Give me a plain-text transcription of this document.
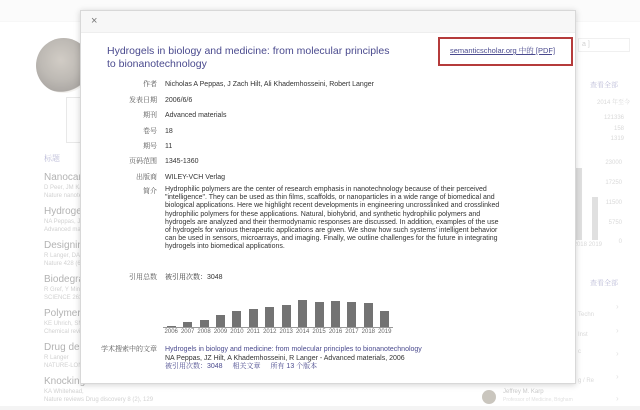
×
Hydrogels in biology and medicine: from molecular principles to bionanotechnology
semanticscholar.org 中的 [PDF]
作者 Nicholas A Peppas, J Zach Hilt, Ali Khademhosseini, Robert Langer
发表日期 2006/6/6
期刊 Advanced materials
卷号 18
期号 11
页码范围 1345-1360
出版商 WILEY-VCH Verlag
简介 Hydrophilic polymers are the center of research emphasis in nanotechnology because of their perceived "intelligence". They can be used as thin films, scaffolds, or nanoparticles in a wide range of biomedical and biological applications. Here we highlight recent developments in engineering uncrosslinked and crosslinked hydrophilic polymers for these applications. Natural, biohybrid, and synthetic hydrophilic polymers and hydrogels are analyzed and their thermodynamic responses are discussed. In addition, examples of the use of hydrogels for various therapeutic applications are given. We show how such systems' intelligent behavior can be used in sensors, microarrays, and imaging. Finally, we outline challenges for the future in integrating hydrogels into biomedical applications.
引用总数 被引用次数：3048
2006 2007 2008 2009 2010 2011 2012 2013 2014 2015 2016 2017 2018 2019
学术搜索中的文章 Hydrogels in biology and medicine: from molecular principles to bionanotechnology
NA Peppas, JZ Hilt, A Khademhosseini, R Langer - Advanced materials, 2006
被引用次数：3048 相关文章 所有 13 个版本
